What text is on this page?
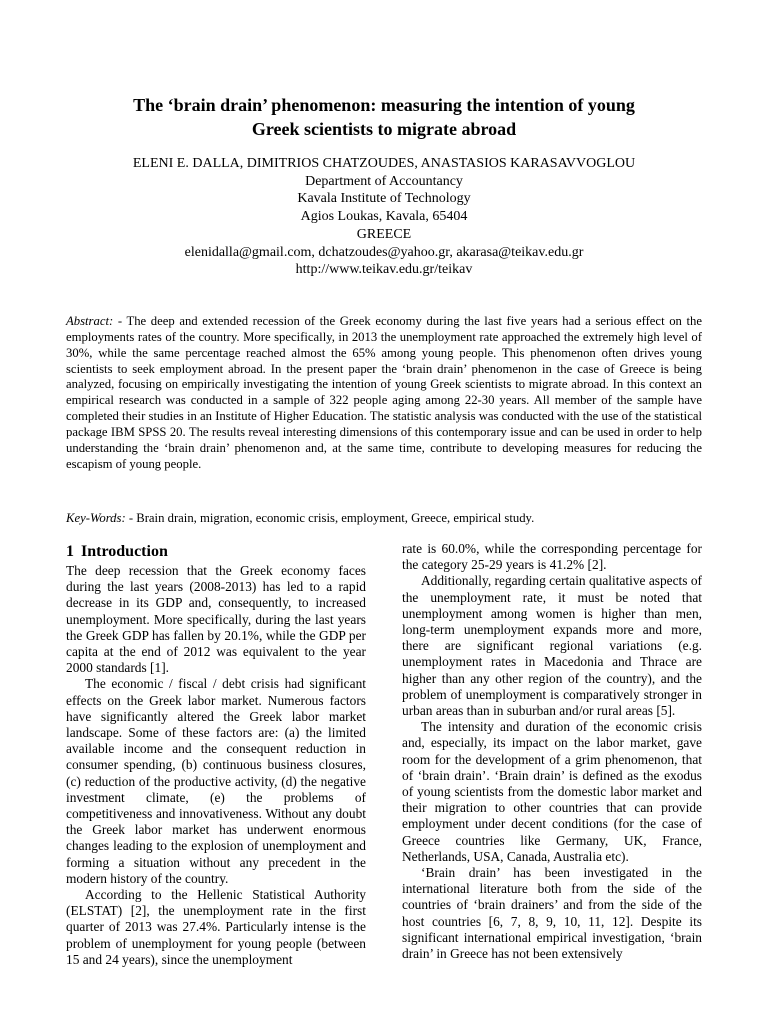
The ‘brain drain’ phenomenon: measuring the intention of young
Greek scientists to migrate abroad
ELENI E. DALLA, DIMITRIOS CHATZOUDES, ANASTASIOS KARASAVVOGLOU
Department of Accountancy
Kavala Institute of Technology
Agios Loukas, Kavala, 65404
GREECE
elenidalla@gmail.com, dchatzoudes@yahoo.gr, akarasa@teikav.edu.gr
http://www.teikav.edu.gr/teikav
Abstract: - The deep and extended recession of the Greek economy during the last five years had a serious effect on the employments rates of the country. More specifically, in 2013 the unemployment rate approached the extremely high level of 30%, while the same percentage reached almost the 65% among young people. This phenomenon often drives young scientists to seek employment abroad. In the present paper the ‘brain drain’ phenomenon in the case of Greece is being analyzed, focusing on empirically investigating the intention of young Greek scientists to migrate abroad. In this context an empirical research was conducted in a sample of 322 people aging among 22-30 years. All member of the sample have completed their studies in an Institute of Higher Education. The statistic analysis was conducted with the use of the statistical package IBM SPSS 20. The results reveal interesting dimensions of this contemporary issue and can be used in order to help understanding the ‘brain drain’ phenomenon and, at the same time, contribute to developing measures for reducing the escapism of young people.
Key-Words: - Brain drain, migration, economic crisis, employment, Greece, empirical study.
1 Introduction

The deep recession that the Greek economy faces during the last years (2008-2013) has led to a rapid decrease in its GDP and, consequently, to increased unemployment. More specifically, during the last years the Greek GDP has fallen by 20.1%, while the GDP per capita at the end of 2012 was equivalent to the year 2000 standards [1].

The economic / fiscal / debt crisis had significant effects on the Greek labor market. Numerous factors have significantly altered the Greek labor market landscape. Some of these factors are: (a) the limited available income and the consequent reduction in consumer spending, (b) continuous business closures, (c) reduction of the productive activity, (d) the negative investment climate, (e) the problems of competitiveness and innovativeness. Without any doubt the Greek labor market has underwent enormous changes leading to the explosion of unemployment and forming a situation without any precedent in the modern history of the country.

According to the Hellenic Statistical Authority (ELSTAT) [2], the unemployment rate in the first quarter of 2013 was 27.4%. Particularly intense is the problem of unemployment for young people (between 15 and 24 years), since the unemployment

rate is 60.0%, while the corresponding percentage for the category 25-29 years is 41.2% [2].

Additionally, regarding certain qualitative aspects of the unemployment rate, it must be noted that unemployment among women is higher than men, long-term unemployment expands more and more, there are significant regional variations (e.g. unemployment rates in Macedonia and Thrace are higher than any other region of the country), and the problem of unemployment is comparatively stronger in urban areas than in suburban and/or rural areas [5].

The intensity and duration of the economic crisis and, especially, its impact on the labor market, gave room for the development of a grim phenomenon, that of ‘brain drain’. ‘Brain drain’ is defined as the exodus of young scientists from the domestic labor market and their migration to other countries that can provide employment under decent conditions (for the case of Greece countries like Germany, UK, France, Netherlands, USA, Canada, Australia etc).

‘Brain drain’ has been investigated in the international literature both from the side of the countries of ‘brain drainers’ and from the side of the host countries [6, 7, 8, 9, 10, 11, 12]. Despite its significant international empirical investigation, ‘brain drain’ in Greece has not been extensively
